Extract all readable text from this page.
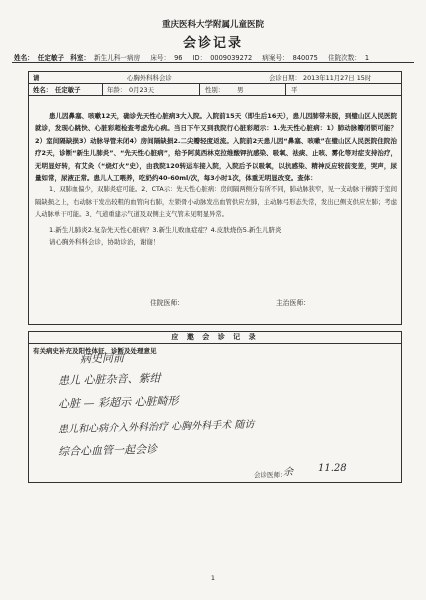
重庆医科大学附属儿童医院
会诊记录
姓名： 任定敏子 科室： 新生儿科一病房 床号： 96 ID： 0009039272 病案号： 840075 住院次数： 1
请	心胸外科科会诊	会诊日期： 2013年11月27日 15时
姓名： 任定敏子	年龄： 0月23天	性别： 男	平

患儿因鼻塞、咳嗽12天，确诊先天性心脏病3大入院。入院前15天（即生后16天），患儿因肺带未脱，到璧山区人民医院就诊，发现心跳快、心脏彩超检查考虑先心病。当日下午又到我院行心脏彩超示：1.先天性心脏病：1）肺动脉瓣闭锁可能？2）室间隔缺损3）动脉导管未闭4）房间隔缺损2.二尖瓣轻度返流。入院前2天患儿因“鼻塞、咳嗽”在璧山区人民医院住院治疗2天，诊断“新生儿肺炎”、“先天性心脏病”，给予阿莫西林克拉维酸钾抗感染、吸氧、祛痰、止咳、雾化等对症支持治疗，无明显好转，有艾灸（“烧灯火”史），由我院120转运车接入院，入院后予以吸氧，以抗感染、精神反应较前变差，哭声，尿量如常，尿液正常。患儿人工喂养，吃奶约40-60ml/次，每3小时1次，体重无明显改变。查体：

1、双肺血偏少，双肺炎症可能。2、CTA示：先天性心脏病：房间隔两侧分有所不同，肺动脉狭窄，见一支动脉干横跨于室间隔缺损之上，右动脉干发出较粗的血管向右肺，左锁骨小动脉发出血管供应左肺，主动脉弓形态失常，发出已侧支供应左肺；考虑人动脉单干可能。3、气道重建示气道及双侧主支气管未见明显异常。

1.新生儿肺炎2.复杂先天性心脏病？3.新生儿败血症症？4.皮肤烧伤5.新生儿脐炎

请心胸外科科会诊，协助诊治，谢谢！

住院医师：	主治医师：
应 邀 会 诊 记 录
有关病史补充及阳性体征、诊断及处理意见
病史同前
患儿 心脏杂音、紫绀
心脏 — 彩超示 心脏畸形
患儿和心病介入外科治疗 心胸外科手术 随访
综合心血管一起会诊
会诊医师：
余	11.28
1
